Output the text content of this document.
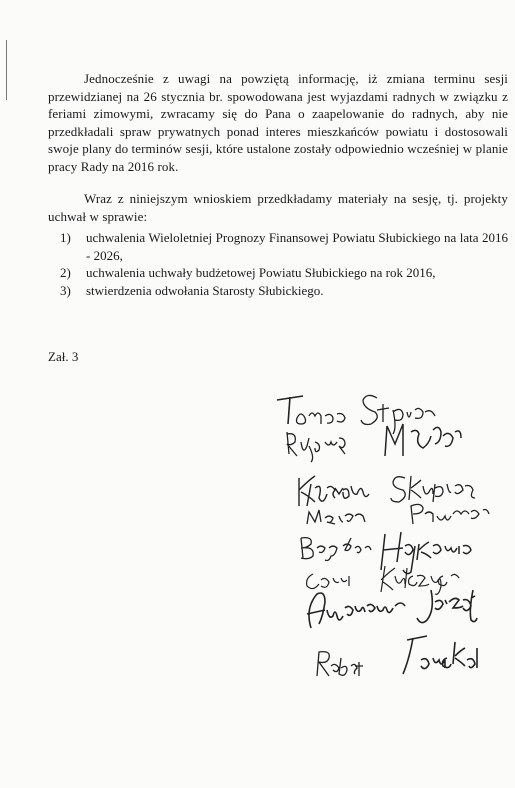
Jednocześnie z uwagi na powziętą informację, iż zmiana terminu sesji przewidzianej na 26 stycznia br. spowodowana jest wyjazdami radnych w związku z feriami zimowymi, zwracamy się do Pana o zaapelowanie do radnych, aby nie przedkładali spraw prywatnych ponad interes mieszkańców powiatu i dostosowali swoje plany do terminów sesji, które ustalone zostały odpowiednio wcześniej w planie pracy Rady na 2016 rok.

Wraz z niniejszym wnioskiem przedkładamy materiały na sesję, tj. projekty uchwał w sprawie:

1)	uchwalenia Wieloletniej Prognozy Finansowej Powiatu Słubickiego na lata 2016 - 2026,
2)	uchwalenia uchwały budżetowej Powiatu Słubickiego na rok 2016,
3)	stwierdzenia odwołania Starosty Słubickiego.
Zał. 3
